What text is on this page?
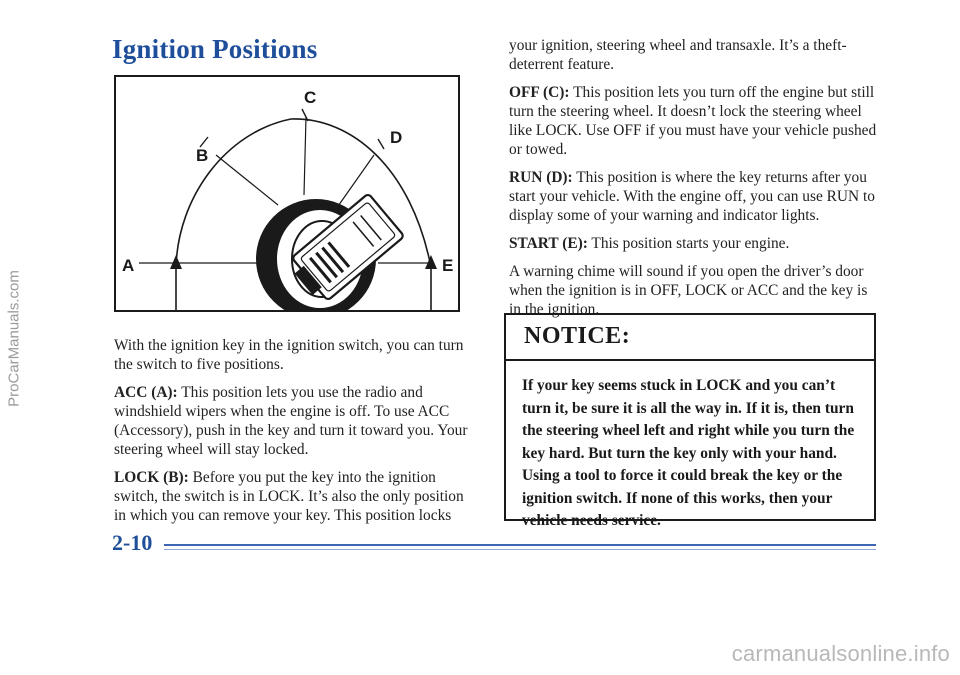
Ignition Positions
A
B
C
D
E

With the ignition key in the ignition switch, you can turn the switch to five positions.

ACC (A): This position lets you use the radio and windshield wipers when the engine is off. To use ACC (Accessory), push in the key and turn it toward you. Your steering wheel will stay locked.

LOCK (B): Before you put the key into the ignition switch, the switch is in LOCK. It’s also the only position in which you can remove your key. This position locks

your ignition, steering wheel and transaxle. It’s a theft-deterrent feature.

OFF (C): This position lets you turn off the engine but still turn the steering wheel. It doesn’t lock the steering wheel like LOCK. Use OFF if you must have your vehicle pushed or towed.

RUN (D): This position is where the key returns after you start your vehicle. With the engine off, you can use RUN to display some of your warning and indicator lights.

START (E): This position starts your engine.

A warning chime will sound if you open the driver’s door when the ignition is in OFF, LOCK or ACC and the key is in the ignition.

NOTICE:
If your key seems stuck in LOCK and you can’t turn it, be sure it is all the way in. If it is, then turn the steering wheel left and right while you turn the key hard. But turn the key only with your hand. Using a tool to force it could break the key or the ignition switch. If none of this works, then your vehicle needs service.
2-10
ProCarManuals.com
carmanualsonline.info
